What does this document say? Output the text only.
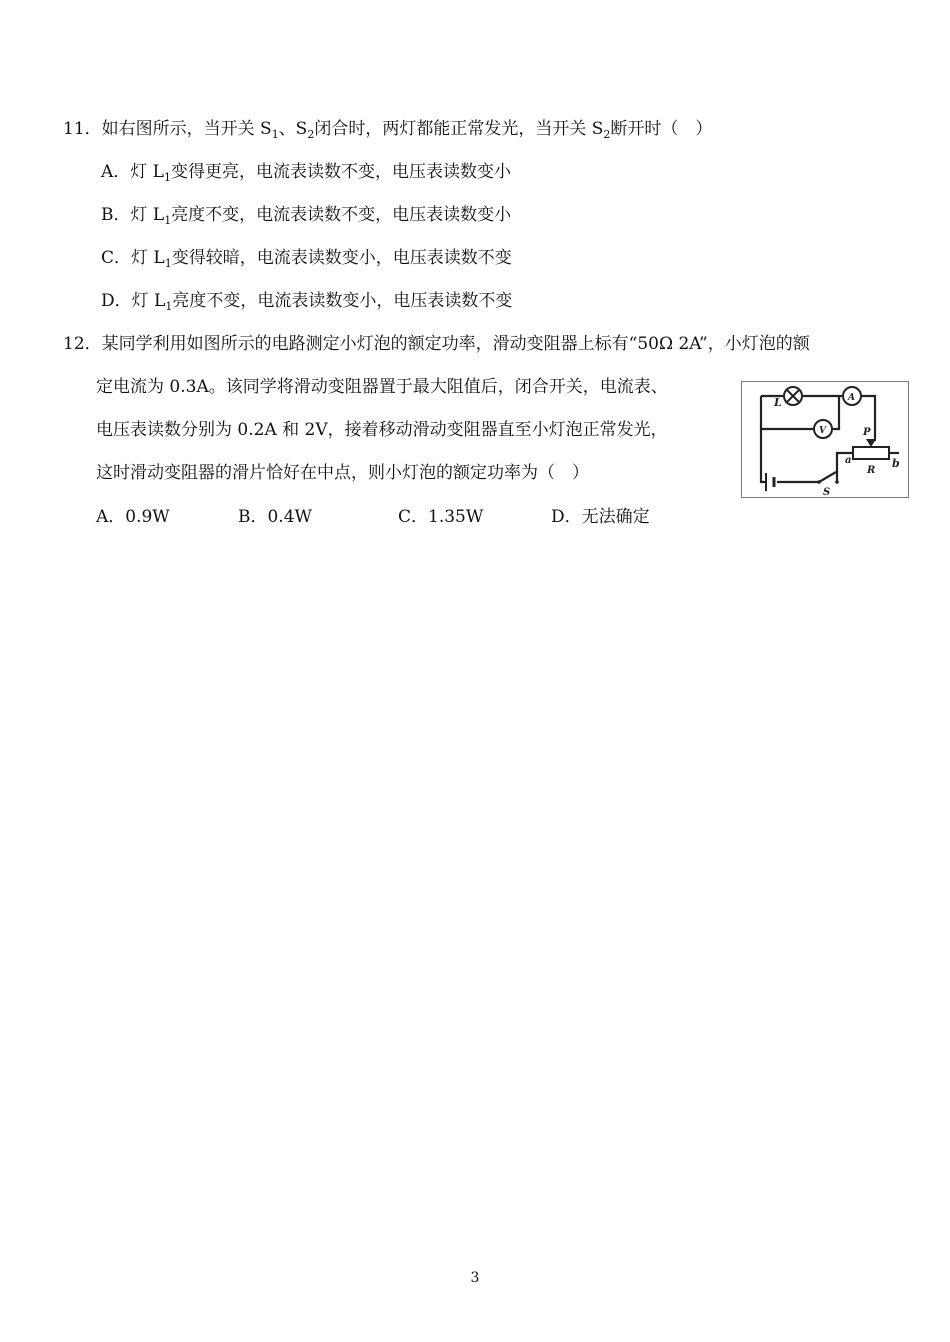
11．如右图所示，当开关 $S_1$、$S_2$闭合时，两灯都能正常发光，当开关 $S_2$断开时（　）
A．灯 $L_1$变得更亮，电流表读数不变，电压表读数变小
B．灯 $L_1$亮度不变，电流表读数不变，电压表读数变小
C．灯 $L_1$变得较暗，电流表读数变小，电压表读数不变
D．灯 $L_1$亮度不变，电流表读数变小，电压表读数不变
12．某同学利用如图所示的电路测定小灯泡的额定功率，滑动变阻器上标有“50Ω 2A”，小灯泡的额
定电流为 0.3A。该同学将滑动变阻器置于最大阻值后，闭合开关，电流表、
电压表读数分别为 0.2A 和 2V，接着移动滑动变阻器直至小灯泡正常发光，
这时滑动变阻器的滑片恰好在中点，则小灯泡的额定功率为（　）
A．0.9W	B．0.4W	C．1.35W	D．无法确定
L	A
V	P
a
R
b
S
3
